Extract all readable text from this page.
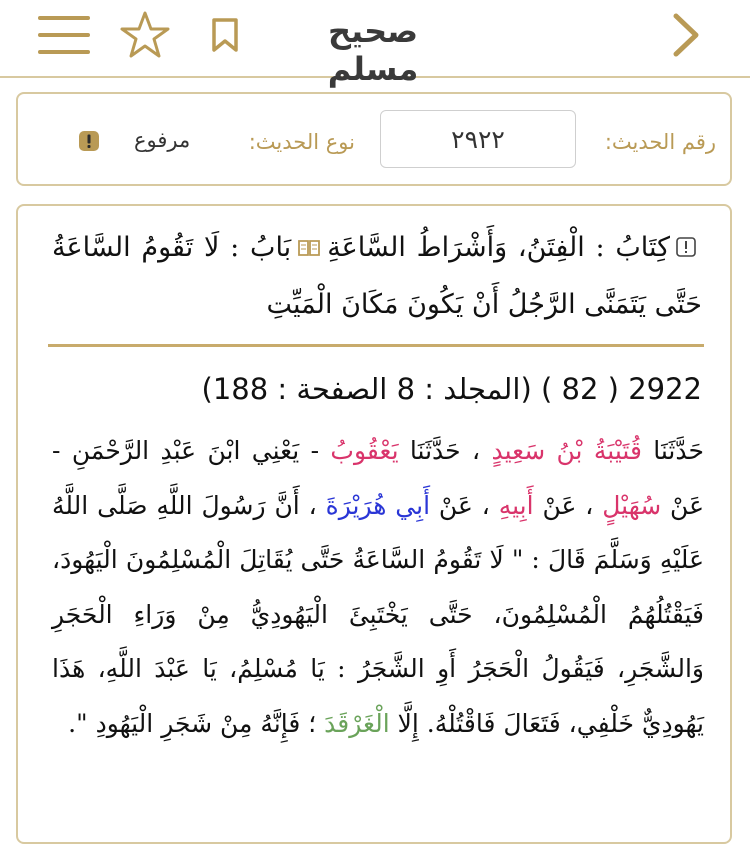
صحيح مسلم
رقم الحديث:
٢٩٢٢
نوع الحديث:
مرفوع
كِتَابُ : الْفِتَنُ، وَأَشْرَاطُ السَّاعَةِبَابُ : لَا تَقُومُ السَّاعَةُ حَتَّى يَتَمَنَّى الرَّجُلُ أَنْ يَكُونَ مَكَانَ الْمَيِّتِ
2922 ( 82 ) (المجلد : 8 الصفحة : 188)
حَدَّثَنَا قُتَيْبَةُ بْنُ سَعِيدٍ ، حَدَّثَنَا يَعْقُوبُ - يَعْنِي ابْنَ عَبْدِ الرَّحْمَنِ - عَنْ سُهَيْلٍ ، عَنْ أَبِيهِ ، عَنْ أَبِي هُرَيْرَةَ ، أَنَّ رَسُولَ اللَّهِ صَلَّى اللَّهُ عَلَيْهِ وَسَلَّمَ قَالَ : " لَا تَقُومُ السَّاعَةُ حَتَّى يُقَاتِلَ الْمُسْلِمُونَ الْيَهُودَ، فَيَقْتُلُهُمُ الْمُسْلِمُونَ، حَتَّى يَخْتَبِئَ الْيَهُودِيُّ مِنْ وَرَاءِ الْحَجَرِ وَالشَّجَرِ، فَيَقُولُ الْحَجَرُ أَوِ الشَّجَرُ : يَا مُسْلِمُ، يَا عَبْدَ اللَّهِ، هَذَا يَهُودِيٌّ خَلْفِي، فَتَعَالَ فَاقْتُلْهُ. إِلَّا الْغَرْقَدَ ؛ فَإِنَّهُ مِنْ شَجَرِ الْيَهُودِ ".
